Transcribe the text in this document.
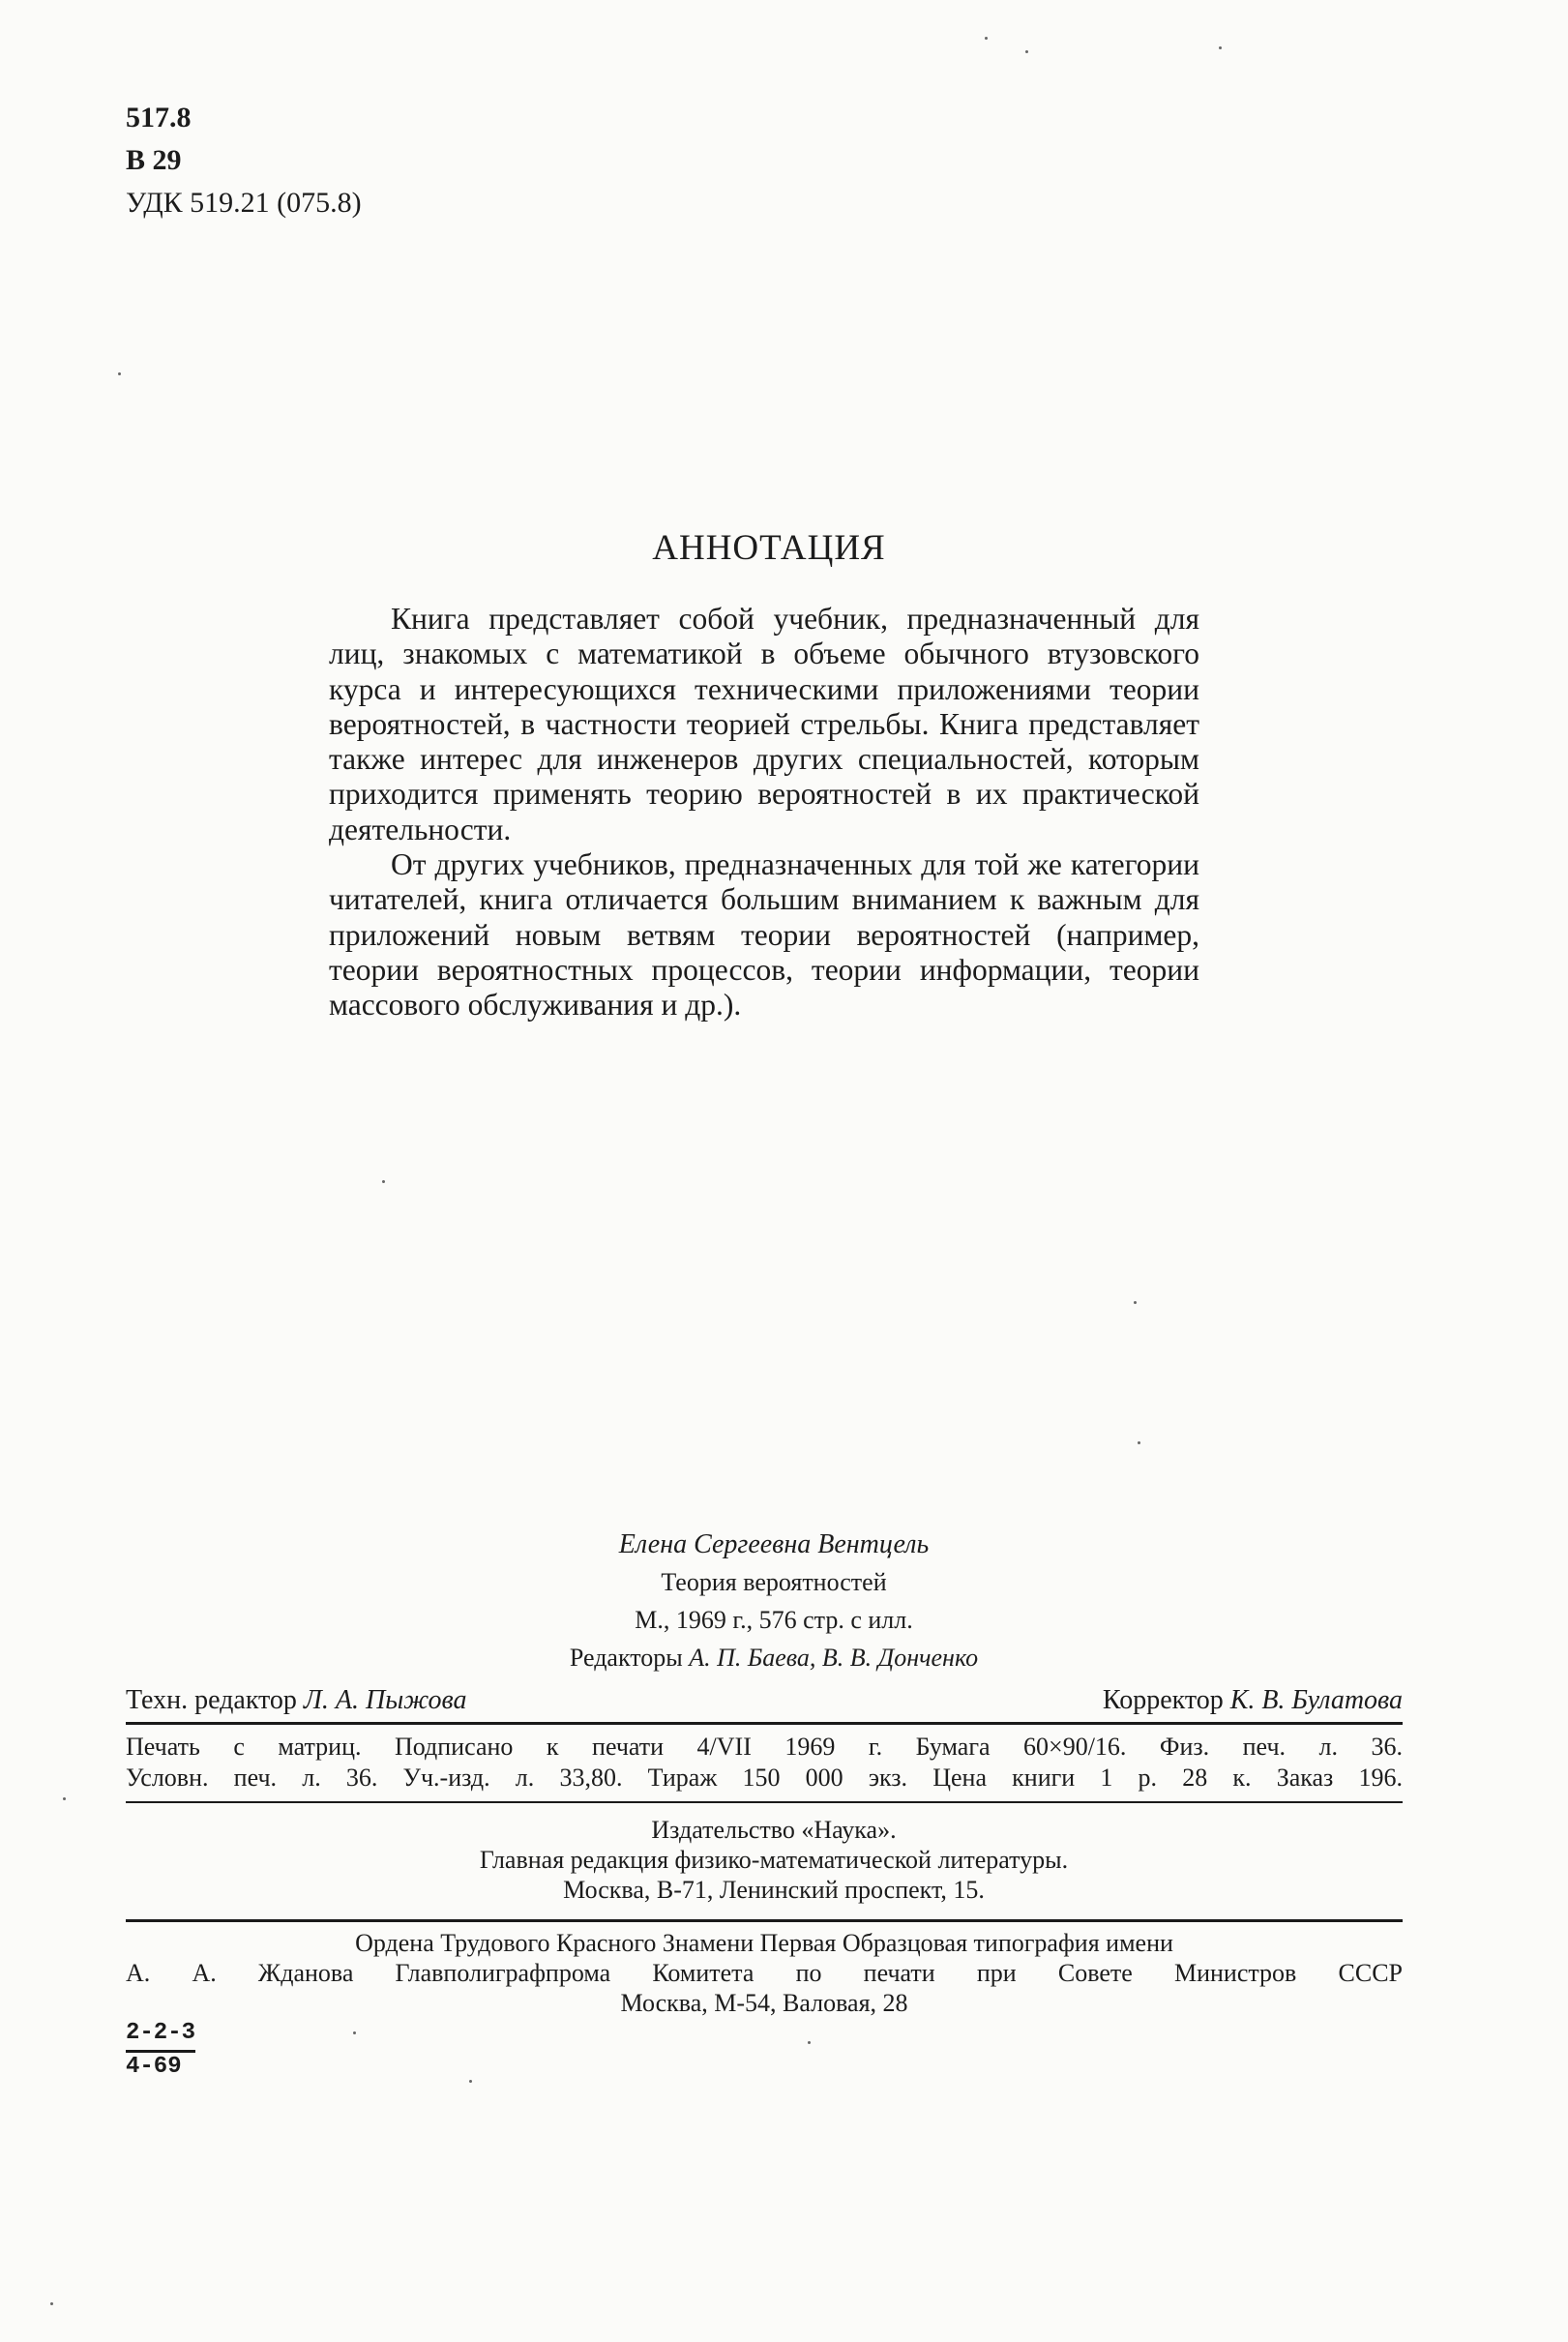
517.8
В 29
УДК 519.21 (075.8)
АННОТАЦИЯ

Книга представляет собой учебник, предназначенный для лиц, знакомых с математикой в объеме обычного втузовского курса и интересующихся техническими приложениями теории вероятностей, в частности теорией стрельбы. Книга представляет также интерес для инженеров других специальностей, которым приходится применять теорию вероятностей в их практической деятельности.

От других учебников, предназначенных для той же категории читателей, книга отличается большим вниманием к важным для приложений новым ветвям теории вероятностей (например, теории вероятностных процессов, теории информации, теории массового обслуживания и др.).

Елена Сергеевна Вентцель
Теория вероятностей
М., 1969 г., 576 стр. с илл.
Редакторы А. П. Баева, В. В. Донченко
Техн. редактор Л. А. Пыжова	Корректор К. В. Булатова
Печать с матриц. Подписано к печати 4/VII 1969 г. Бумага 60×90/16. Физ. печ. л. 36.
Условн. печ. л. 36. Уч.-изд. л. 33,80. Тираж 150 000 экз. Цена книги 1 р. 28 к. Заказ 196.
Издательство «Наука».
Главная редакция физико-математической литературы.
Москва, В-71, Ленинский проспект, 15.
Ордена Трудового Красного Знамени Первая Образцовая типография имени
А. А. Жданова Главполиграфпрома Комитета по печати при Совете Министров СССР
Москва, М-54, Валовая, 28
2-2-3
4-69
